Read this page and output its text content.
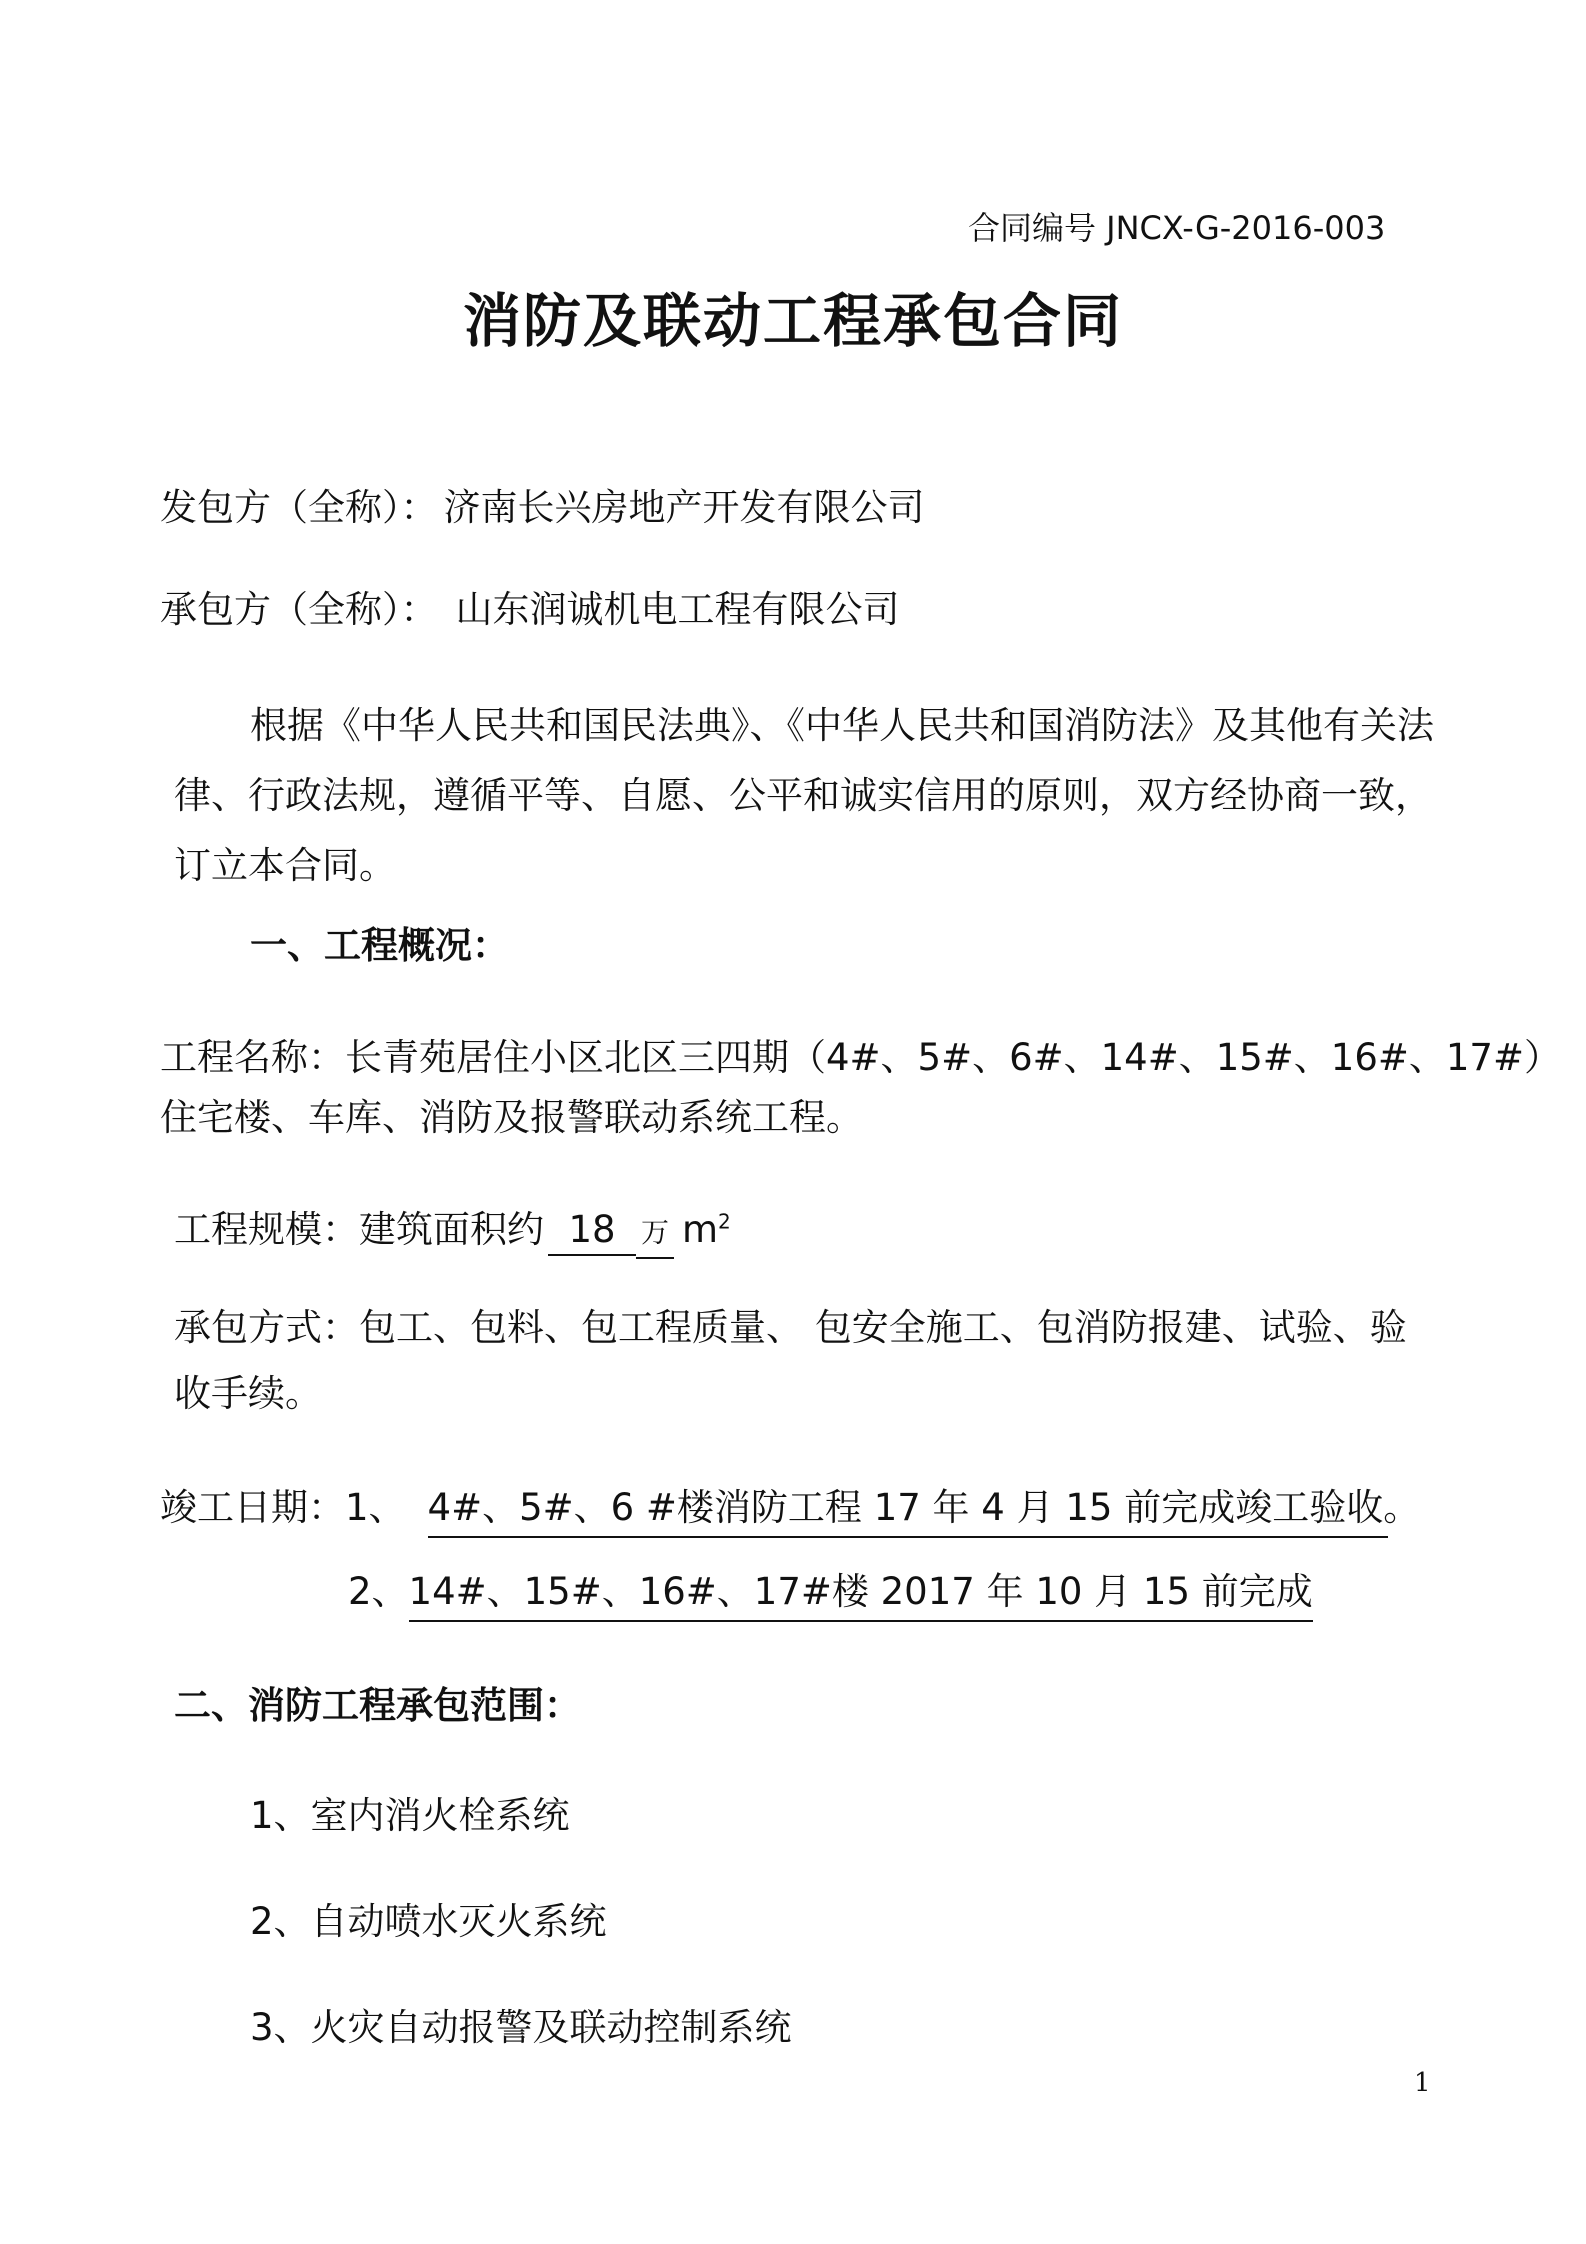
合同编号 JNCX-G-2016-003
消防及联动工程承包合同
发包方（全称）： 济南长兴房地产开发有限公司
承包方（全称）： 山东润诚机电工程有限公司
根据《中华人民共和国民法典》、《中华人民共和国消防法》及其他有关法
律、行政法规，遵循平等、自愿、公平和诚实信用的原则，双方经协商一致，
订立本合同。
一、工程概况：
工程名称：长青苑居住小区北区三四期（4#、5#、6#、14#、15#、16#、17#）
住宅楼、车库、消防及报警联动系统工程。
工程规模：建筑面积约 18 万 $m^2$
承包方式：包工、包料、包工程质量、 包安全施工、包消防报建、试验、验
收手续。
竣工日期：1、 4#、5#、6 #楼消防工程 17 年 4 月 15 前完成竣工验收。
2、14#、15#、16#、17#楼 2017 年 10 月 15 前完成
二、消防工程承包范围：
1、室内消火栓系统
2、自动喷水灭火系统
3、火灾自动报警及联动控制系统
1
